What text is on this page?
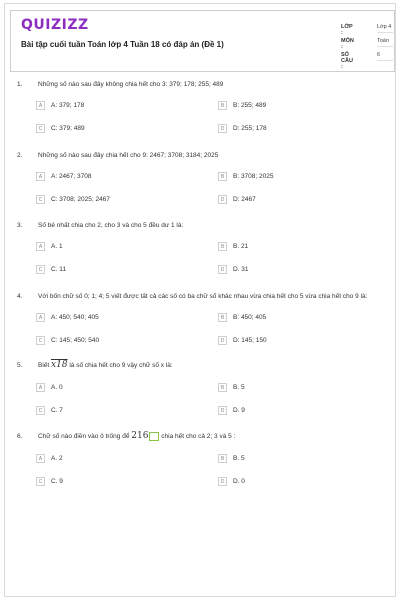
QUIZIZZ
Bài tập cuối tuần Toán lớp 4 Tuần 18 có đáp án (Đề 1)
LỚP :
Lớp 4
MÔN :
Toán
SỐ CÂU :
6
1. Những số nào sau đây không chia hết cho 3: 379; 178; 255; 489
A	A: 379; 178	B	B: 255; 489
C	C: 379; 489	D	D: 255; 178
2. Những số nào sau đây chia hết cho 9: 2467; 3708; 3184; 2025
A	A: 2467; 3708	B	B: 3708; 2025
C	C: 3708; 2025; 2467	D	D: 2467
3. Số bé nhất chia cho 2, cho 3 và cho 5 đều dư 1 là:
A	A. 1	B	B. 21
C	C. 11	D	D. 31
4. Với bốn chữ số 0; 1; 4; 5 viết được tất cả các số có ba chữ số khác nhau vừa chia hết cho 5 vừa chia hết cho 9 là:
A	A: 450; 540; 405	B	B: 450; 405
C	C: 145; 450; 540	D	D: 145; 150
5. Biết x18 là số chia hết cho 9 vậy chữ số x là:
A	A. 0	B	B. 5
C	C. 7	D	D. 9
6. Chữ số nào điền vào ô trống để 216 chia hết cho cả 2; 3 và 5 :
A	A. 2	B	B. 5
C	C. 9	D	D. 0
